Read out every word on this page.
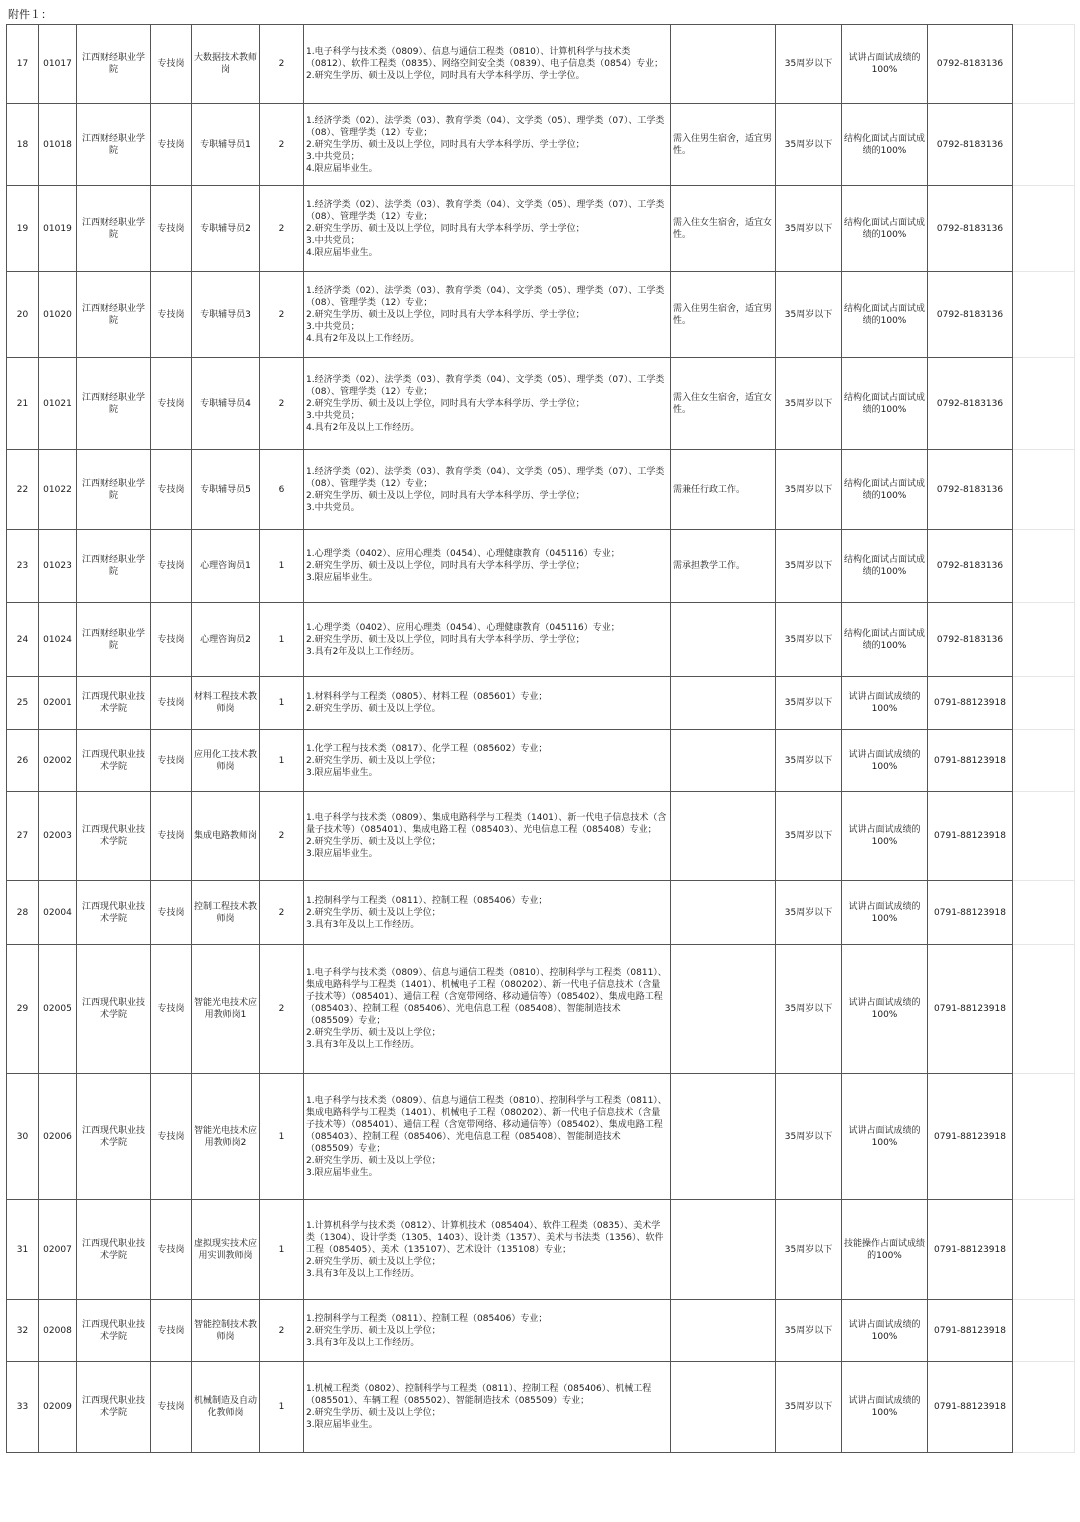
附件１：
17	01017	江西财经职业学院	专技岗	大数据技术教师岗	2	1.电子科学与技术类（0809）、信息与通信工程类（0810）、计算机科学与技术类（0812）、软件工程类（0835）、网络空间安全类（0839）、电子信息类（0854）专业；
2.研究生学历、硕士及以上学位，同时具有大学本科学历、学士学位。		35周岁以下	试讲占面试成绩的100%	0792-8183136	
18	01018	江西财经职业学院	专技岗	专职辅导员1	2	1.经济学类（02）、法学类（03）、教育学类（04）、文学类（05）、理学类（07）、工学类（08）、管理学类（12）专业；
2.研究生学历、硕士及以上学位，同时具有大学本科学历、学士学位；
3.中共党员；
4.限应届毕业生。	需入住男生宿舍，适宜男性。	35周岁以下	结构化面试占面试成绩的100%	0792-8183136	
19	01019	江西财经职业学院	专技岗	专职辅导员2	2	1.经济学类（02）、法学类（03）、教育学类（04）、文学类（05）、理学类（07）、工学类（08）、管理学类（12）专业；
2.研究生学历、硕士及以上学位，同时具有大学本科学历、学士学位；
3.中共党员；
4.限应届毕业生。	需入住女生宿舍，适宜女性。	35周岁以下	结构化面试占面试成绩的100%	0792-8183136	
20	01020	江西财经职业学院	专技岗	专职辅导员3	2	1.经济学类（02）、法学类（03）、教育学类（04）、文学类（05）、理学类（07）、工学类（08）、管理学类（12）专业；
2.研究生学历、硕士及以上学位，同时具有大学本科学历、学士学位；
3.中共党员；
4.具有2年及以上工作经历。	需入住男生宿舍，适宜男性。	35周岁以下	结构化面试占面试成绩的100%	0792-8183136	
21	01021	江西财经职业学院	专技岗	专职辅导员4	2	1.经济学类（02）、法学类（03）、教育学类（04）、文学类（05）、理学类（07）、工学类（08）、管理学类（12）专业；
2.研究生学历、硕士及以上学位，同时具有大学本科学历、学士学位；
3.中共党员；
4.具有2年及以上工作经历。	需入住女生宿舍，适宜女性。	35周岁以下	结构化面试占面试成绩的100%	0792-8183136	
22	01022	江西财经职业学院	专技岗	专职辅导员5	6	1.经济学类（02）、法学类（03）、教育学类（04）、文学类（05）、理学类（07）、工学类（08）、管理学类（12）专业；
2.研究生学历、硕士及以上学位，同时具有大学本科学历、学士学位；
3.中共党员。	需兼任行政工作。	35周岁以下	结构化面试占面试成绩的100%	0792-8183136	
23	01023	江西财经职业学院	专技岗	心理咨询员1	1	1.心理学类（0402）、应用心理类（0454）、心理健康教育（045116）专业；
2.研究生学历、硕士及以上学位，同时具有大学本科学历、学士学位；
3.限应届毕业生。	需承担教学工作。	35周岁以下	结构化面试占面试成绩的100%	0792-8183136	
24	01024	江西财经职业学院	专技岗	心理咨询员2	1	1.心理学类（0402）、应用心理类（0454）、心理健康教育（045116）专业；
2.研究生学历、硕士及以上学位，同时具有大学本科学历、学士学位；
3.具有2年及以上工作经历。		35周岁以下	结构化面试占面试成绩的100%	0792-8183136	
25	02001	江西现代职业技术学院	专技岗	材料工程技术教师岗	1	1.材料科学与工程类（0805）、材料工程（085601）专业；
2.研究生学历、硕士及以上学位。		35周岁以下	试讲占面试成绩的100%	0791-88123918	
26	02002	江西现代职业技术学院	专技岗	应用化工技术教师岗	1	1.化学工程与技术类（0817）、化学工程（085602）专业；
2.研究生学历、硕士及以上学位；
3.限应届毕业生。		35周岁以下	试讲占面试成绩的100%	0791-88123918	
27	02003	江西现代职业技术学院	专技岗	集成电路教师岗	2	1.电子科学与技术类（0809）、集成电路科学与工程类（1401）、新一代电子信息技术（含量子技术等）（085401）、集成电路工程（085403）、光电信息工程（085408）专业；
2.研究生学历、硕士及以上学位；
3.限应届毕业生。		35周岁以下	试讲占面试成绩的100%	0791-88123918	
28	02004	江西现代职业技术学院	专技岗	控制工程技术教师岗	2	1.控制科学与工程类（0811）、控制工程（085406）专业；
2.研究生学历、硕士及以上学位；
3.具有3年及以上工作经历。		35周岁以下	试讲占面试成绩的100%	0791-88123918	
29	02005	江西现代职业技术学院	专技岗	智能光电技术应用教师岗1	2	1.电子科学与技术类（0809）、信息与通信工程类（0810）、控制科学与工程类（0811）、集成电路科学与工程类（1401）、机械电子工程（080202）、新一代电子信息技术（含量子技术等）（085401）、通信工程（含宽带网络、移动通信等）（085402）、集成电路工程（085403）、控制工程（085406）、光电信息工程（085408）、智能制造技术（085509）专业；
2.研究生学历、硕士及以上学位；
3.具有3年及以上工作经历。		35周岁以下	试讲占面试成绩的100%	0791-88123918	
30	02006	江西现代职业技术学院	专技岗	智能光电技术应用教师岗2	1	1.电子科学与技术类（0809）、信息与通信工程类（0810）、控制科学与工程类（0811）、集成电路科学与工程类（1401）、机械电子工程（080202）、新一代电子信息技术（含量子技术等）（085401）、通信工程（含宽带网络、移动通信等）（085402）、集成电路工程（085403）、控制工程（085406）、光电信息工程（085408）、智能制造技术（085509）专业；
2.研究生学历、硕士及以上学位；
3.限应届毕业生。		35周岁以下	试讲占面试成绩的100%	0791-88123918	
31	02007	江西现代职业技术学院	专技岗	虚拟现实技术应用实训教师岗	1	1.计算机科学与技术类（0812）、计算机技术（085404）、软件工程类（0835）、美术学类（1304）、设计学类（1305、1403）、设计类（1357）、美术与书法类（1356）、软件工程（085405）、美术（135107）、艺术设计（135108）专业；
2.研究生学历、硕士及以上学位；
3.具有3年及以上工作经历。		35周岁以下	技能操作占面试成绩的100%	0791-88123918	
32	02008	江西现代职业技术学院	专技岗	智能控制技术教师岗	2	1.控制科学与工程类（0811）、控制工程（085406）专业；
2.研究生学历、硕士及以上学位；
3.具有3年及以上工作经历。		35周岁以下	试讲占面试成绩的100%	0791-88123918	
33	02009	江西现代职业技术学院	专技岗	机械制造及自动化教师岗	1	1.机械工程类（0802）、控制科学与工程类（0811）、控制工程（085406）、机械工程（085501）、车辆工程（085502）、智能制造技术（085509）专业；
2.研究生学历、硕士及以上学位；
3.限应届毕业生。		35周岁以下	试讲占面试成绩的100%	0791-88123918	
